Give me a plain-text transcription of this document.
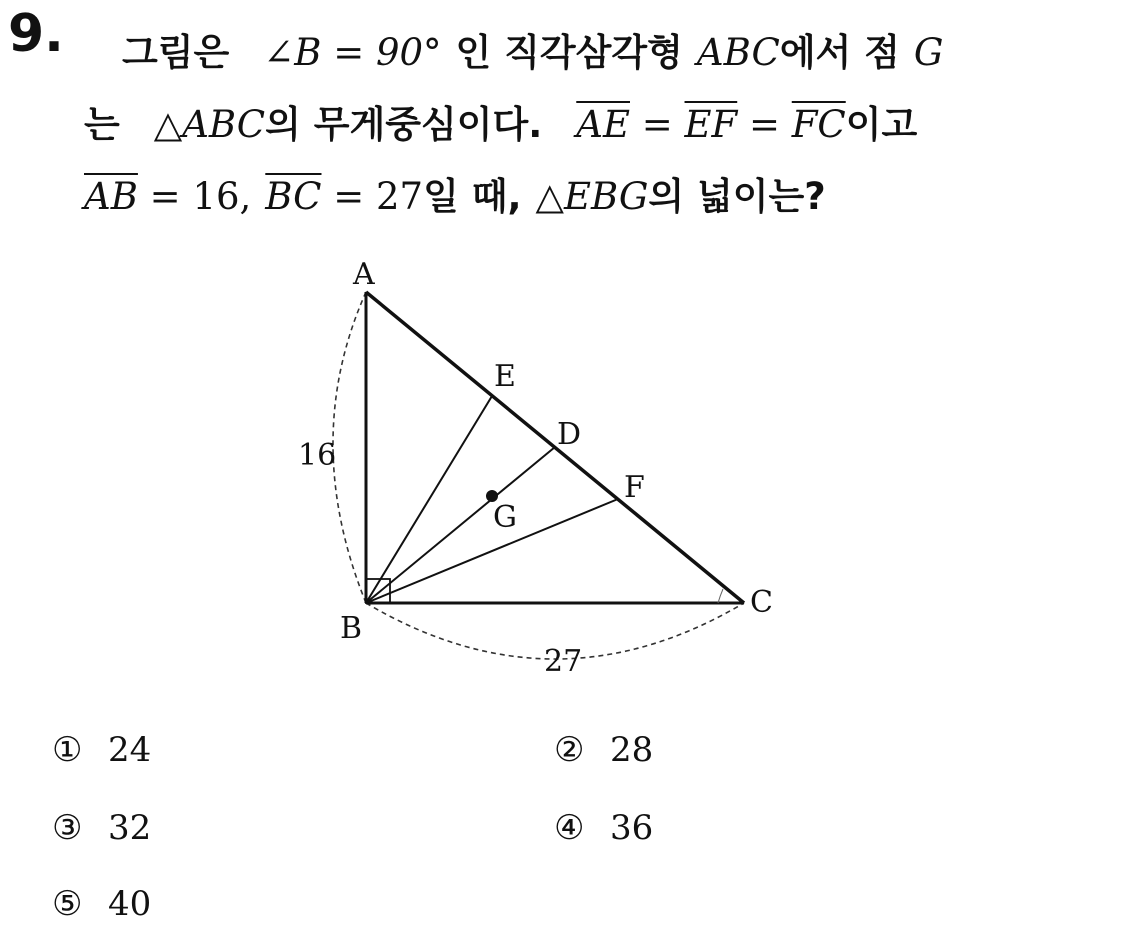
9. 그림은 ∠B = 90° 인 직각삼각형 ABC에서 점 G
는 △ABC의 무게중심이다. $\overline{AE} = \overline{EF} = \overline{FC}$이고
$\overline{AB} = 16$, $\overline{BC} = 27$일 때, △EBG의 넓이는?
A
B
C
D
E
F
G
16
27
① 24	② 28
③ 32	④ 36
⑤ 40
